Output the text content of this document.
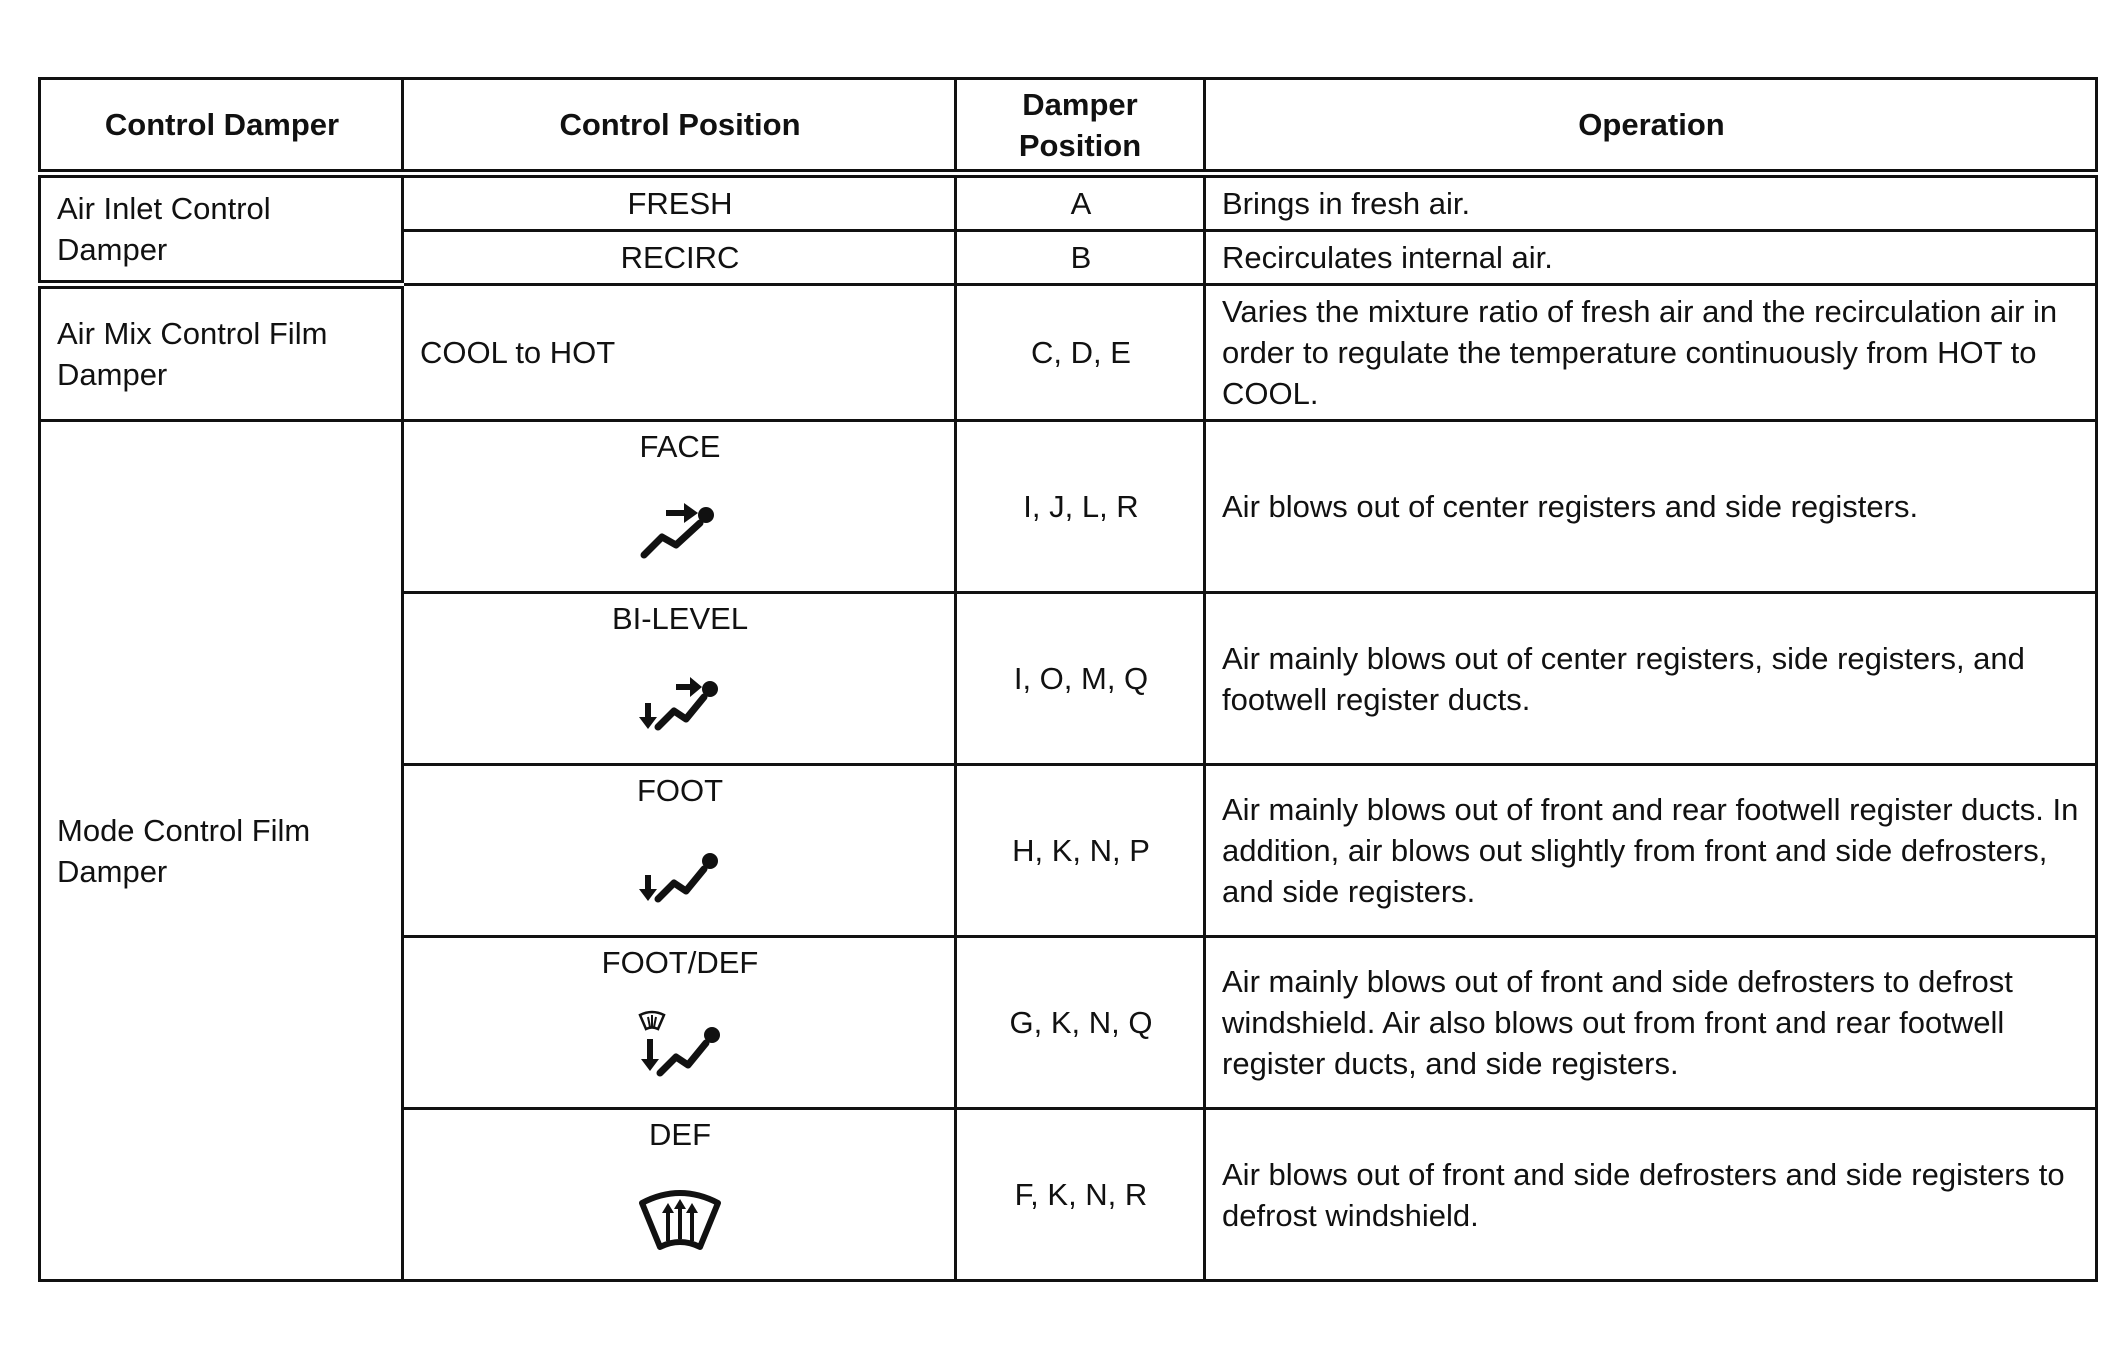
Control Damper	Control Position	Damper Position	Operation
Air Inlet Control Damper	FRESH	A	Brings in fresh air.
	RECIRC	B	Recirculates internal air.
Air Mix Control Film Damper	COOL to HOT	C, D, E	Varies the mixture ratio of fresh air and the recirculation air in order to regulate the temperature continuously from HOT to COOL.
Mode Control Film Damper	FACE	I, J, L, R	Air blows out of center registers and side registers.

	BI-LEVEL	I, O, M, Q	Air mainly blows out of center registers, side registers, and footwell register ducts.

	FOOT	H, K, N, P	Air mainly blows out of front and rear footwell register ducts. In addition, air blows out slightly from front and side defrosters, and side registers.

	FOOT/DEF	G, K, N, Q	Air mainly blows out of front and side defrosters to defrost windshield. Air also blows out from front and rear footwell register ducts, and side registers.

	DEF	F, K, N, R	Air blows out of front and side defrosters and side registers to defrost windshield.
